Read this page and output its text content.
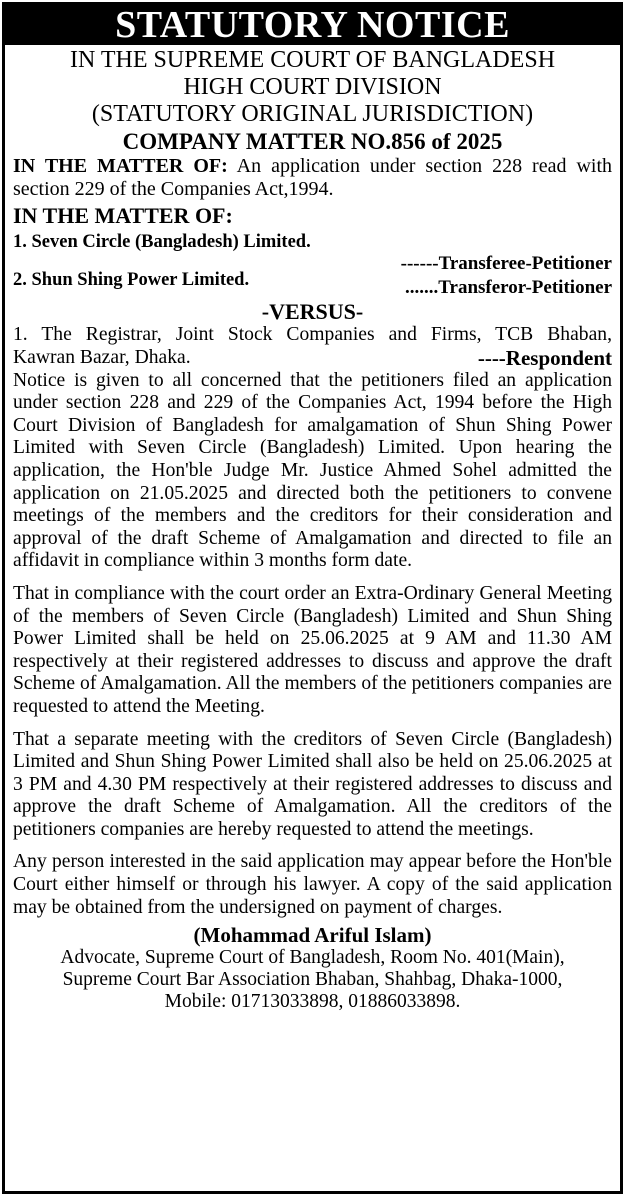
STATUTORY NOTICE
IN THE SUPREME COURT OF BANGLADESH
HIGH COURT DIVISION
(STATUTORY ORIGINAL JURISDICTION)
COMPANY MATTER NO.856 of 2025

IN THE MATTER OF: An application under section 228 read with section 229 of the Companies Act,1994.

IN THE MATTER OF:
1. Seven Circle (Bangladesh) Limited.
2. Shun Shing Power Limited.
------Transferee-Petitioner
.......Transferor-Petitioner
-VERSUS-
1. The Registrar, Joint Stock Companies and Firms, TCB Bhaban,
Kawran Bazar, Dhaka.	----Respondent

Notice is given to all concerned that the petitioners filed an application under section 228 and 229 of the Companies Act, 1994 before the High Court Division of Bangladesh for amalgamation of Shun Shing Power Limited with Seven Circle (Bangladesh) Limited. Upon hearing the application, the Hon'ble Judge Mr. Justice Ahmed Sohel admitted the application on 21.05.2025 and directed both the petitioners to convene meetings of the members and the creditors for their consideration and approval of the draft Scheme of Amalgamation and directed to file an affidavit in compliance within 3 months form date.

That in compliance with the court order an Extra-Ordinary General Meeting of the members of Seven Circle (Bangladesh) Limited and Shun Shing Power Limited shall be held on 25.06.2025 at 9 AM and 11.30 AM respectively at their registered addresses to discuss and approve the draft Scheme of Amalgamation. All the members of the petitioners companies are requested to attend the Meeting.

That a separate meeting with the creditors of Seven Circle (Bangladesh) Limited and Shun Shing Power Limited shall also be held on 25.06.2025 at 3 PM and 4.30 PM respectively at their registered addresses to discuss and approve the draft Scheme of Amalgamation. All the creditors of the petitioners companies are hereby requested to attend the meetings.

Any person interested in the said application may appear before the Hon'ble Court either himself or through his lawyer. A copy of the said application may be obtained from the undersigned on payment of charges.

(Mohammad Ariful Islam)
Advocate, Supreme Court of Bangladesh, Room No. 401(Main),
Supreme Court Bar Association Bhaban, Shahbag, Dhaka-1000,
Mobile: 01713033898, 01886033898.
